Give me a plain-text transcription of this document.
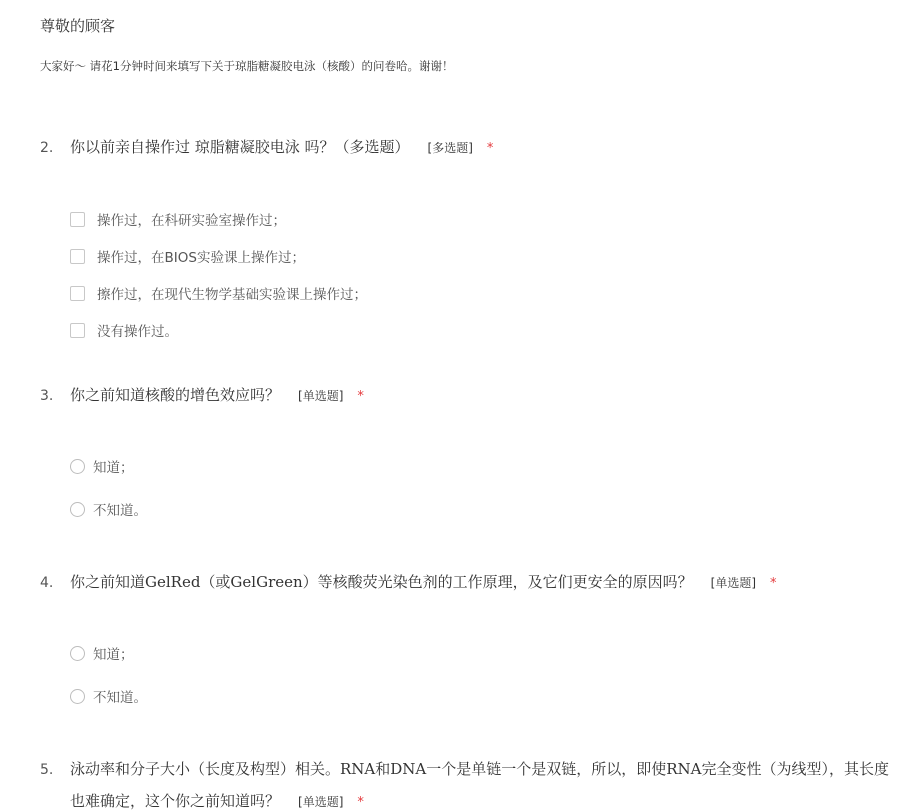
尊敬的顾客
大家好～ 请花1分钟时间来填写下关于琼脂糖凝胶电泳（核酸）的问卷哈。谢谢！
2.	你以前亲自操作过 琼脂糖凝胶电泳 吗？（多选题） [多选题] *
操作过，在科研实验室操作过；
操作过，在BIOS实验课上操作过；
擦作过，在现代生物学基础实验课上操作过；
没有操作过。
3.	你之前知道核酸的增色效应吗？ [单选题] *
知道；
不知道。
4.	你之前知道GelRed（或GelGreen）等核酸荧光染色剂的工作原理，及它们更安全的原因吗？ [单选题] *
知道；
不知道。
5.	泳动率和分子大小（长度及构型）相关。RNA和DNA一个是单链一个是双链，所以，即使RNA完全变性（为线型），其长度
也难确定，这个你之前知道吗？ [单选题] *
